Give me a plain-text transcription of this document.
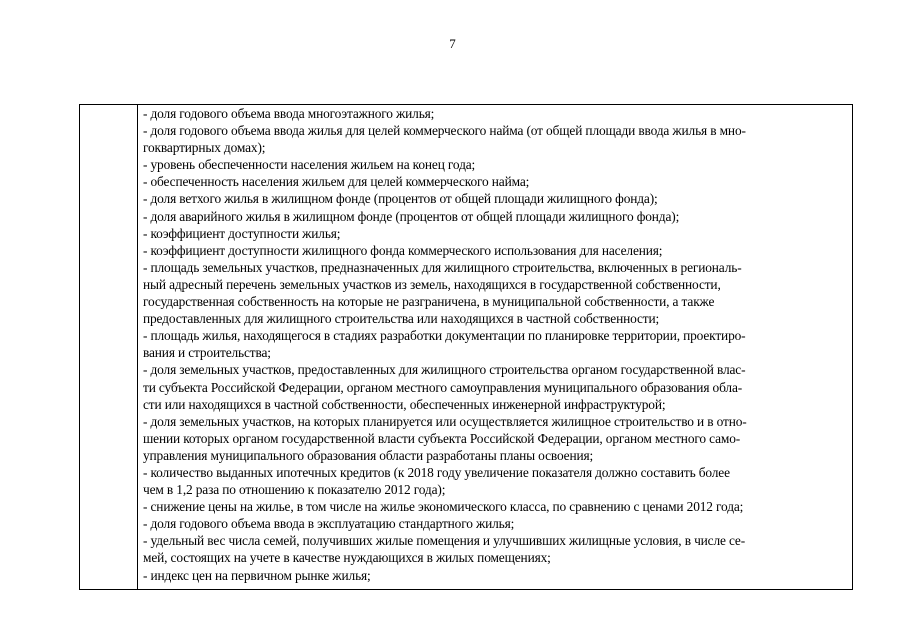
7

- доля годового объема ввода многоэтажного жилья;
- доля годового объема ввода жилья для целей коммерческого найма (от общей площади ввода жилья в мно-
гоквартирных домах);
- уровень обеспеченности населения жильем на конец года;
- обеспеченность населения жильем для целей коммерческого найма;
- доля ветхого жилья в жилищном фонде (процентов от общей площади жилищного фонда);
- доля аварийного жилья в жилищном фонде (процентов от общей площади жилищного фонда);
- коэффициент доступности жилья;
- коэффициент доступности жилищного фонда коммерческого использования для населения;
- площадь земельных участков, предназначенных для жилищного строительства, включенных в региональ-
ный адресный перечень земельных участков из земель, находящихся в государственной собственности,
государственная собственность на которые не разграничена, в муниципальной собственности, а также
предоставленных для жилищного строительства или находящихся в частной собственности;
- площадь жилья, находящегося в стадиях разработки документации по планировке территории, проектиро-
вания и строительства;
- доля земельных участков, предоставленных для жилищного строительства органом государственной влас-
ти субъекта Российской Федерации, органом местного самоуправления муниципального образования обла-
сти или находящихся в частной собственности, обеспеченных инженерной инфраструктурой;
- доля земельных участков, на которых планируется или осуществляется жилищное строительство и в отно-
шении которых органом государственной власти субъекта Российской Федерации, органом местного само-
управления муниципального образования области разработаны планы освоения;
- количество выданных ипотечных кредитов (к 2018 году увеличение показателя должно составить более
чем в 1,2 раза по отношению к показателю 2012 года);
- снижение цены на жилье, в том числе на жилье экономического класса, по сравнению с ценами 2012 года;
- доля годового объема ввода в эксплуатацию стандартного жилья;
- удельный вес числа семей, получивших жилые помещения и улучшивших жилищные условия, в числе се-
мей, состоящих на учете в качестве нуждающихся в жилых помещениях;
- индекс цен на первичном рынке жилья;
